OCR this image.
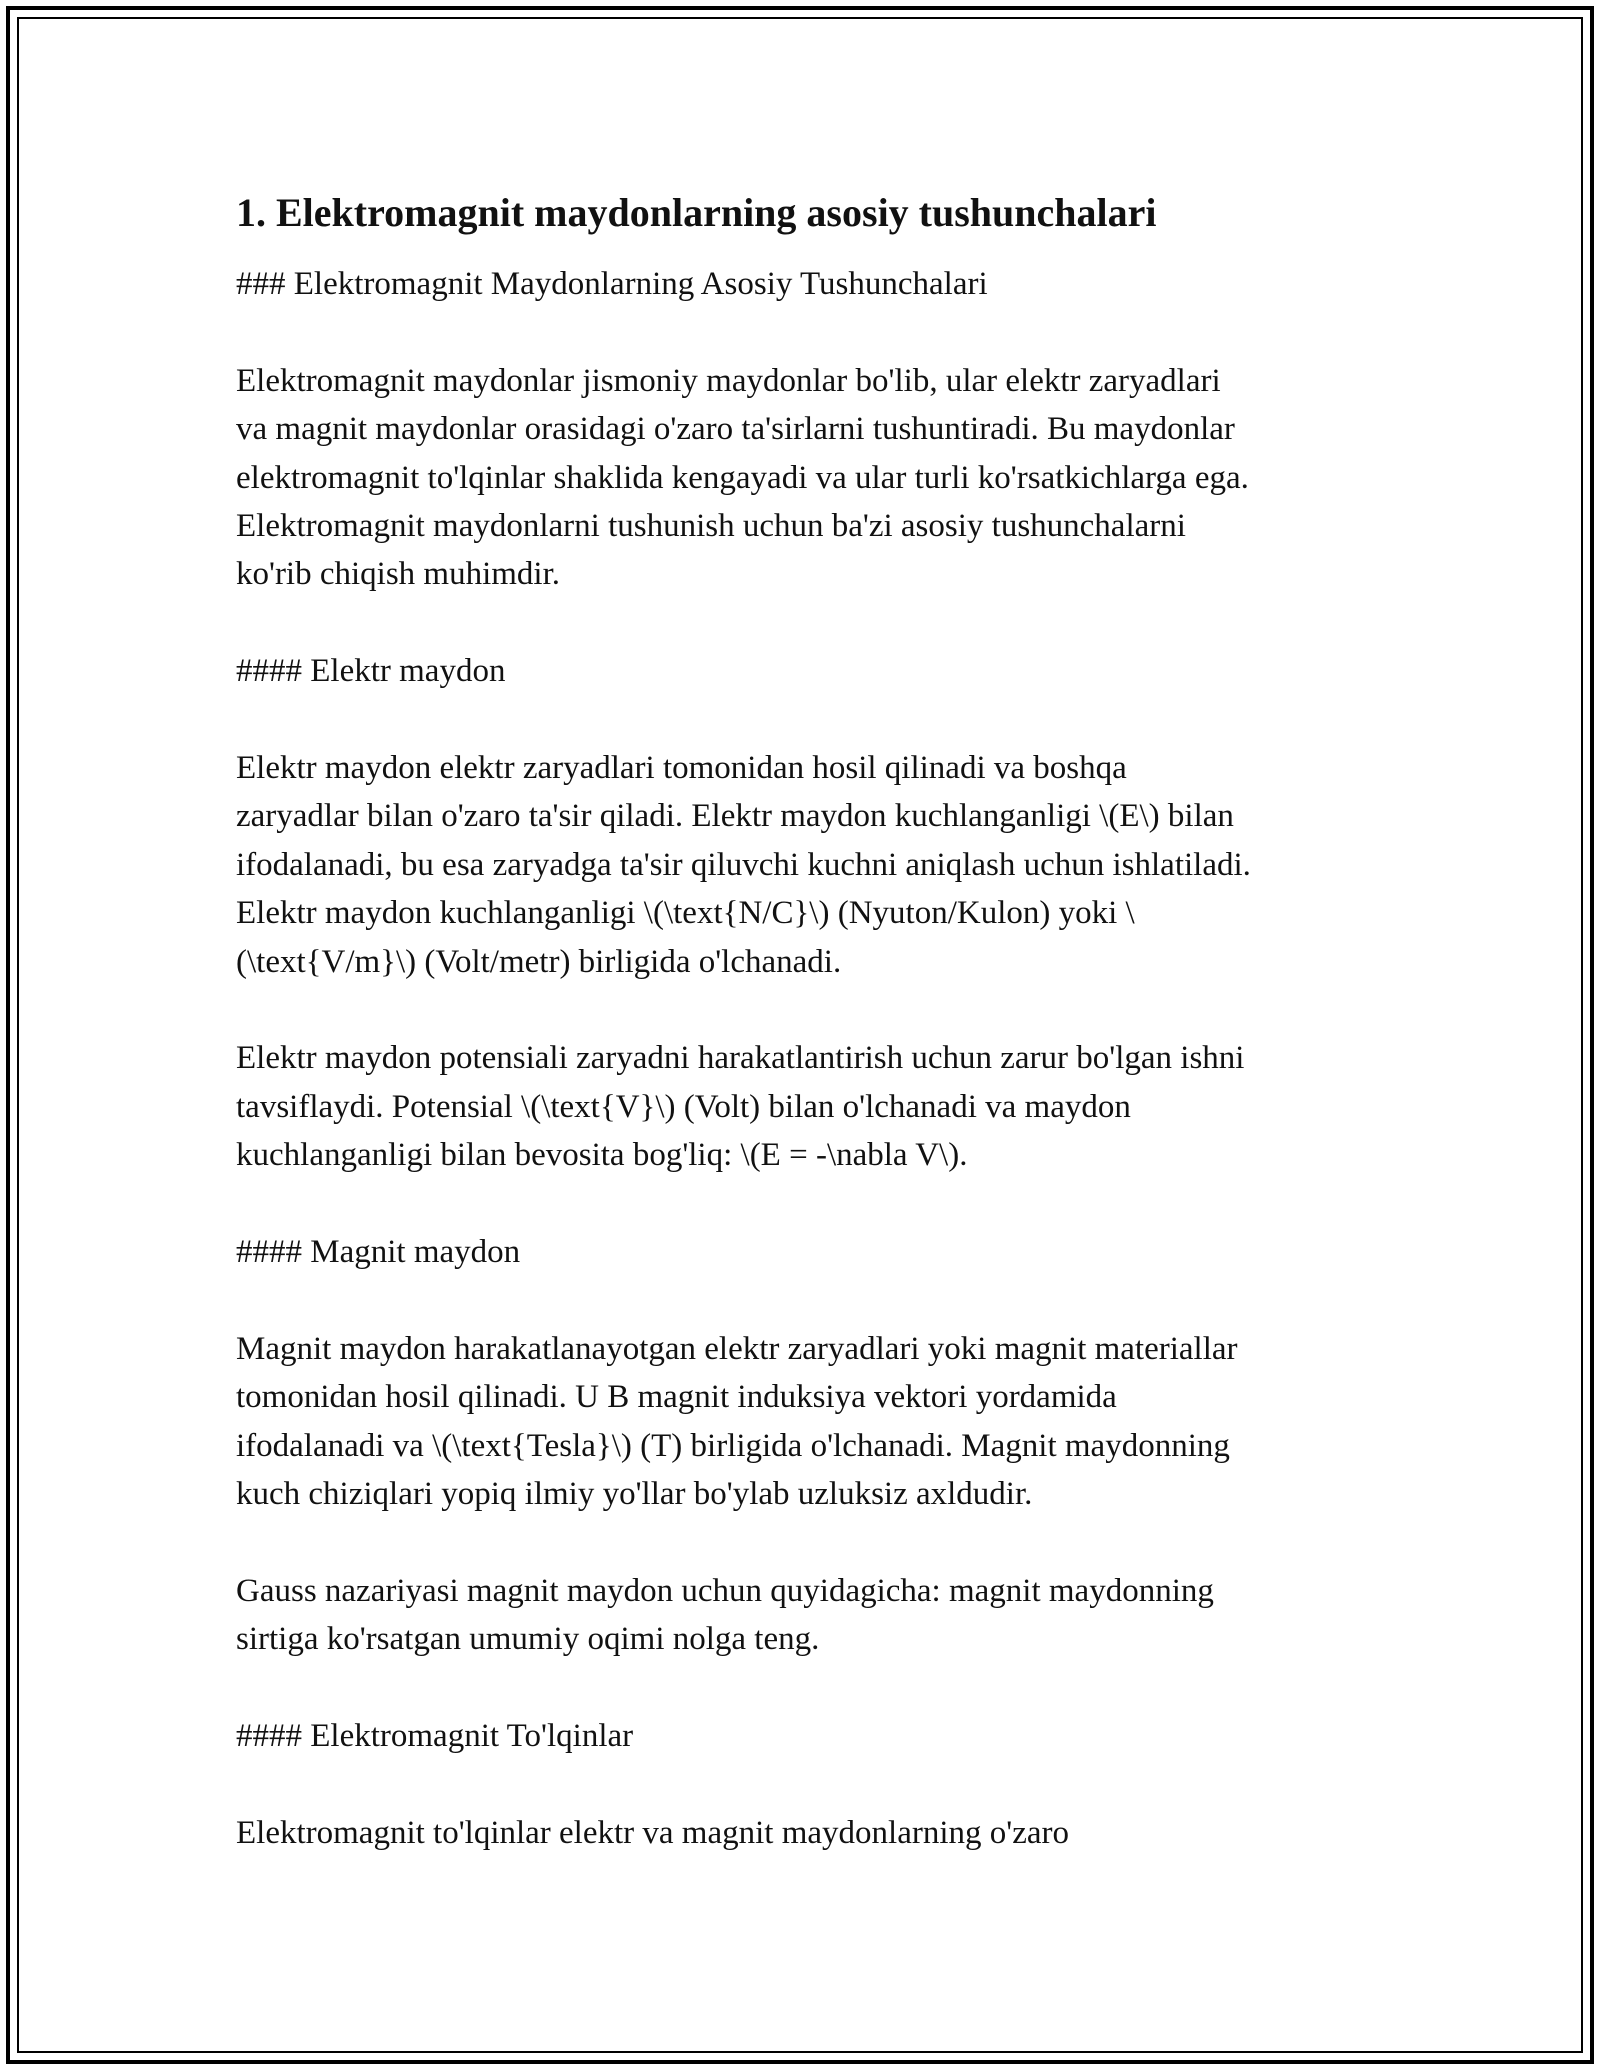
1. Elektromagnit maydonlarning asosiy tushunchalari

### Elektromagnit Maydonlarning Asosiy Tushunchalari

Elektromagnit maydonlar jismoniy maydonlar bo'lib, ular elektr zaryadlari
va magnit maydonlar orasidagi o'zaro ta'sirlarni tushuntiradi. Bu maydonlar
elektromagnit to'lqinlar shaklida kengayadi va ular turli ko'rsatkichlarga ega.
Elektromagnit maydonlarni tushunish uchun ba'zi asosiy tushunchalarni
ko'rib chiqish muhimdir.

#### Elektr maydon

Elektr maydon elektr zaryadlari tomonidan hosil qilinadi va boshqa
zaryadlar bilan o'zaro ta'sir qiladi. Elektr maydon kuchlanganligi \(E\) bilan
ifodalanadi, bu esa zaryadga ta'sir qiluvchi kuchni aniqlash uchun ishlatiladi.
Elektr maydon kuchlanganligi \(\text{N/C}\) (Nyuton/Kulon) yoki \
(\text{V/m}\) (Volt/metr) birligida o'lchanadi.

Elektr maydon potensiali zaryadni harakatlantirish uchun zarur bo'lgan ishni
tavsiflaydi. Potensial \(\text{V}\) (Volt) bilan o'lchanadi va maydon
kuchlanganligi bilan bevosita bog'liq: \(E = -\nabla V\).

#### Magnit maydon

Magnit maydon harakatlanayotgan elektr zaryadlari yoki magnit materiallar
tomonidan hosil qilinadi. U B magnit induksiya vektori yordamida
ifodalanadi va \(\text{Tesla}\) (T) birligida o'lchanadi. Magnit maydonning
kuch chiziqlari yopiq ilmiy yo'llar bo'ylab uzluksiz axldudir.

Gauss nazariyasi magnit maydon uchun quyidagicha: magnit maydonning
sirtiga ko'rsatgan umumiy oqimi nolga teng.

#### Elektromagnit To'lqinlar

Elektromagnit to'lqinlar elektr va magnit maydonlarning o'zaro
